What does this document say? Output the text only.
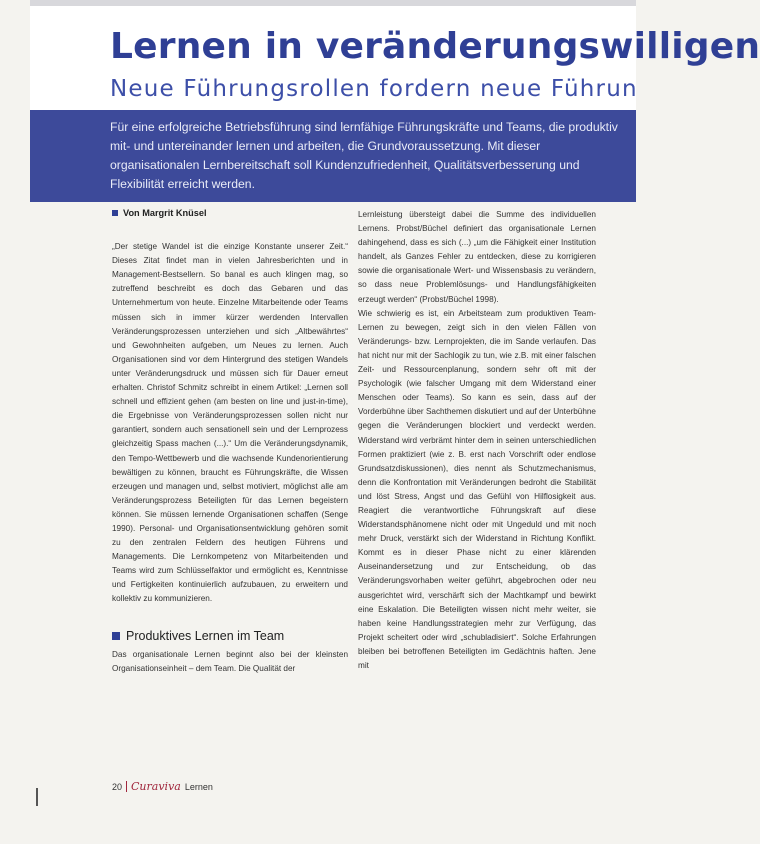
Lernen in veränderungswilligen
Neue Führungsrollen fordern neue Führun
Für eine erfolgreiche Betriebsführung sind lernfähige Führungskräfte und Teams, die produktiv mit- und untereinander lernen und arbeiten, die Grundvoraussetzung. Mit dieser organisationalen Lernbereitschaft soll Kundenzufriedenheit, Qualitätsverbesserung und Flexibilität erreicht werden.
Von Margrit Knüsel

„Der stetige Wandel ist die einzige Konstante unserer Zeit.“ Dieses Zitat findet man in vielen Jahresberichten und in Management-Bestsellern. So banal es auch klingen mag, so zutreffend beschreibt es doch das Gebaren und das Unternehmertum von heute. Einzelne Mitarbeitende oder Teams müssen sich in immer kürzer werdenden Intervallen Veränderungsprozessen unterziehen und sich „Altbewährtes“ und Gewohnheiten aufgeben, um Neues zu lernen. Auch Organisationen sind vor dem Hintergrund des stetigen Wandels unter Veränderungsdruck und müssen sich für Dauer erneut erhalten. Christof Schmitz schreibt in einem Artikel: „Lernen soll schnell und effizient gehen (am besten on line und just-in-time), die Ergebnisse von Veränderungsprozessen sollen nicht nur garantiert, sondern auch sensationell sein und der Lernprozess gleichzeitig Spass machen (...).“ Um die Veränderungsdynamik, den Tempo-Wettbewerb und die wachsende Kundenorientierung bewältigen zu können, braucht es Führungskräfte, die Wissen erzeugen und managen und, selbst motiviert, möglichst alle am Veränderungsprozess Beteiligten für das Lernen begeistern können. Sie müssen lernende Organisationen schaffen (Senge 1990). Personal- und Organisationsentwicklung gehören somit zu den zentralen Feldern des heutigen Führens und Managements. Die Lernkompetenz von Mitarbeitenden und Teams wird zum Schlüsselfaktor und ermöglicht es, Kenntnisse und Fertigkeiten kontinuierlich aufzubauen, zu erweitern und kollektiv zu kommunizieren.

Produktives Lernen im Team

Das organisationale Lernen beginnt also bei der kleinsten Organisationseinheit – dem Team. Die Qualität der

Lernleistung übersteigt dabei die Summe des individuellen Lernens. Probst/Büchel definiert das organisationale Lernen dahingehend, dass es sich (...) „um die Fähigkeit einer Institution handelt, als Ganzes Fehler zu entdecken, diese zu korrigieren sowie die organisationale Wert- und Wissensbasis zu verändern, so dass neue Problemlösungs- und Handlungsfähigkeiten erzeugt werden“ (Probst/Büchel 1998).

Wie schwierig es ist, ein Arbeitsteam zum produktiven Team-Lernen zu bewegen, zeigt sich in den vielen Fällen von Veränderungs- bzw. Lernprojekten, die im Sande verlaufen. Das hat nicht nur mit der Sachlogik zu tun, wie z.B. mit einer falschen Zeit- und Ressourcenplanung, sondern sehr oft mit der Psychologik (wie falscher Umgang mit dem Widerstand einer Menschen oder Teams). So kann es sein, dass auf der Vorderbühne über Sachthemen diskutiert und auf der Unterbühne gegen die Veränderungen blockiert und verdeckt werden. Widerstand wird verbrämt hinter dem in seinen unterschiedlichen Formen praktiziert (wie z. B. erst nach Vorschrift oder endlose Grundsatzdiskussionen), dies nennt als Schutzmechanismus, denn die Konfrontation mit Veränderungen bedroht die Stabilität und löst Stress, Angst und das Gefühl von Hilflosigkeit aus. Reagiert die verantwortliche Führungskraft auf diese Widerstandsphänomene nicht oder mit Ungeduld und mit noch mehr Druck, verstärkt sich der Widerstand in Richtung Konflikt. Kommt es in dieser Phase nicht zu einer klärenden Auseinandersetzung und zur Entscheidung, ob das Veränderungsvorhaben weiter geführt, abgebrochen oder neu ausgerichtet wird, verschärft sich der Machtkampf und bewirkt eine Eskalation. Die Beteiligten wissen nicht mehr weiter, sie haben keine Handlungsstrategien mehr zur Verfügung, das Projekt scheitert oder wird „schubladisiert“. Solche Erfahrungen bleiben bei betroffenen Beteiligten im Gedächtnis haften. Jene mit

20 Curaviva Lernen
